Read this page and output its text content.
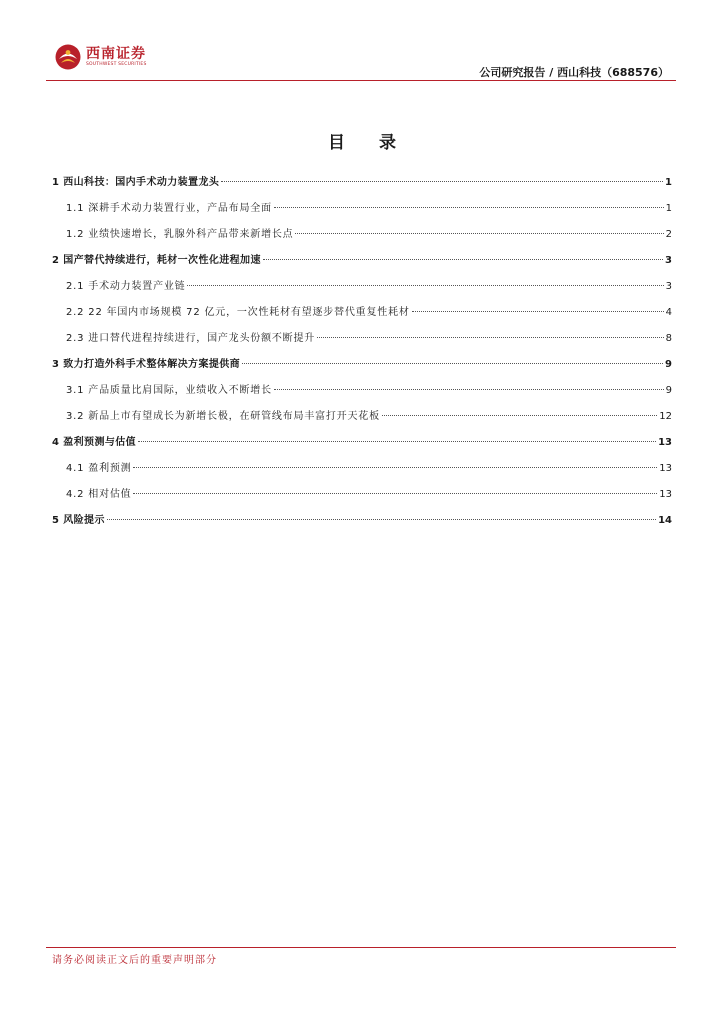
西南证券
SOUTHWEST SECURITIES
公司研究报告 / 西山科技（688576）
目 录
1 西山科技：国内手术动力装置龙头	1
1.1 深耕手术动力装置行业，产品布局全面	1
1.2 业绩快速增长，乳腺外科产品带来新增长点	2
2 国产替代持续进行，耗材一次性化进程加速	3
2.1 手术动力装置产业链	3
2.2 22 年国内市场规模 72 亿元，一次性耗材有望逐步替代重复性耗材	4
2.3 进口替代进程持续进行，国产龙头份额不断提升	8
3 致力打造外科手术整体解决方案提供商	9
3.1 产品质量比肩国际，业绩收入不断增长	9
3.2 新品上市有望成长为新增长极，在研管线布局丰富打开天花板	12
4 盈利预测与估值	13
4.1 盈利预测	13
4.2 相对估值	13
5 风险提示	14
请务必阅读正文后的重要声明部分
